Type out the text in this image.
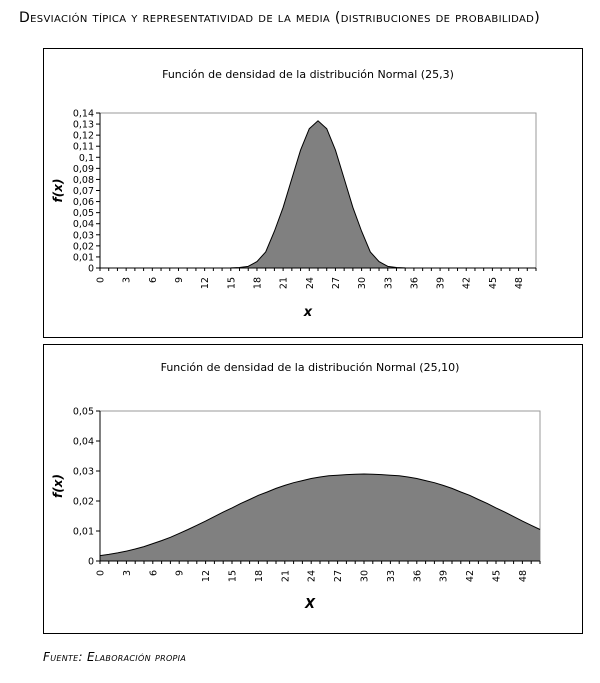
Desviación típica y representatividad de la media (distribuciones de probabilidad)
Función de densidad de la distribución Normal (25,3)
0
0,01
0,02
0,03
0,04
0,05
0,06
0,07
0,08
0,09
0,1
0,11
0,12
0,13
0,14
0 3 6 9 12 15 18 21 24 27 30 33 36 39 42 45 48
x
f(x)
Función de densidad de la distribución Normal (25,10)
0
0,01
0,02
0,03
0,04
0,05
0 3 6 9 12 15 18 21 24 27 30 33 36 39 42 45 48
X
f(x)
Fuente: Elaboración propia
